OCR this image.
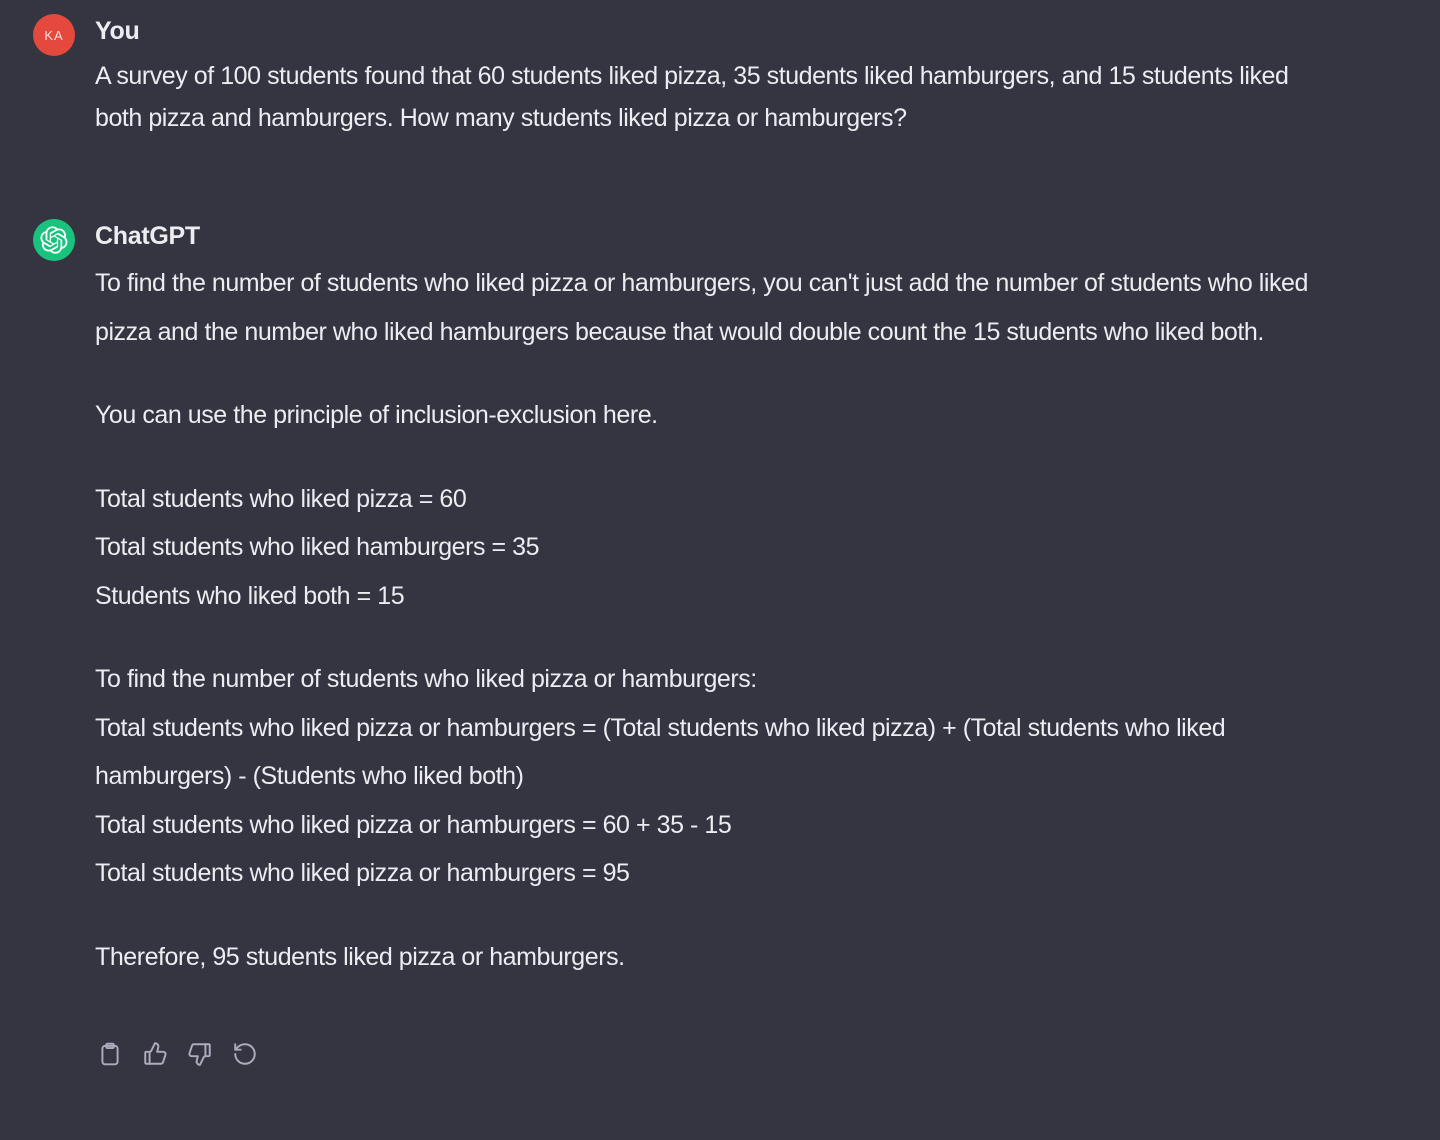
KA You
A survey of 100 students found that 60 students liked pizza, 35 students liked hamburgers, and 15 students liked both pizza and hamburgers. How many students liked pizza or hamburgers?
ChatGPT

To find the number of students who liked pizza or hamburgers, you can't just add the number of students who liked pizza and the number who liked hamburgers because that would double count the 15 students who liked both.

You can use the principle of inclusion-exclusion here.

Total students who liked pizza = 60
Total students who liked hamburgers = 35
Students who liked both = 15

To find the number of students who liked pizza or hamburgers:
Total students who liked pizza or hamburgers = (Total students who liked pizza) + (Total students who liked hamburgers) - (Students who liked both)
Total students who liked pizza or hamburgers = 60 + 35 - 15
Total students who liked pizza or hamburgers = 95

Therefore, 95 students liked pizza or hamburgers.
